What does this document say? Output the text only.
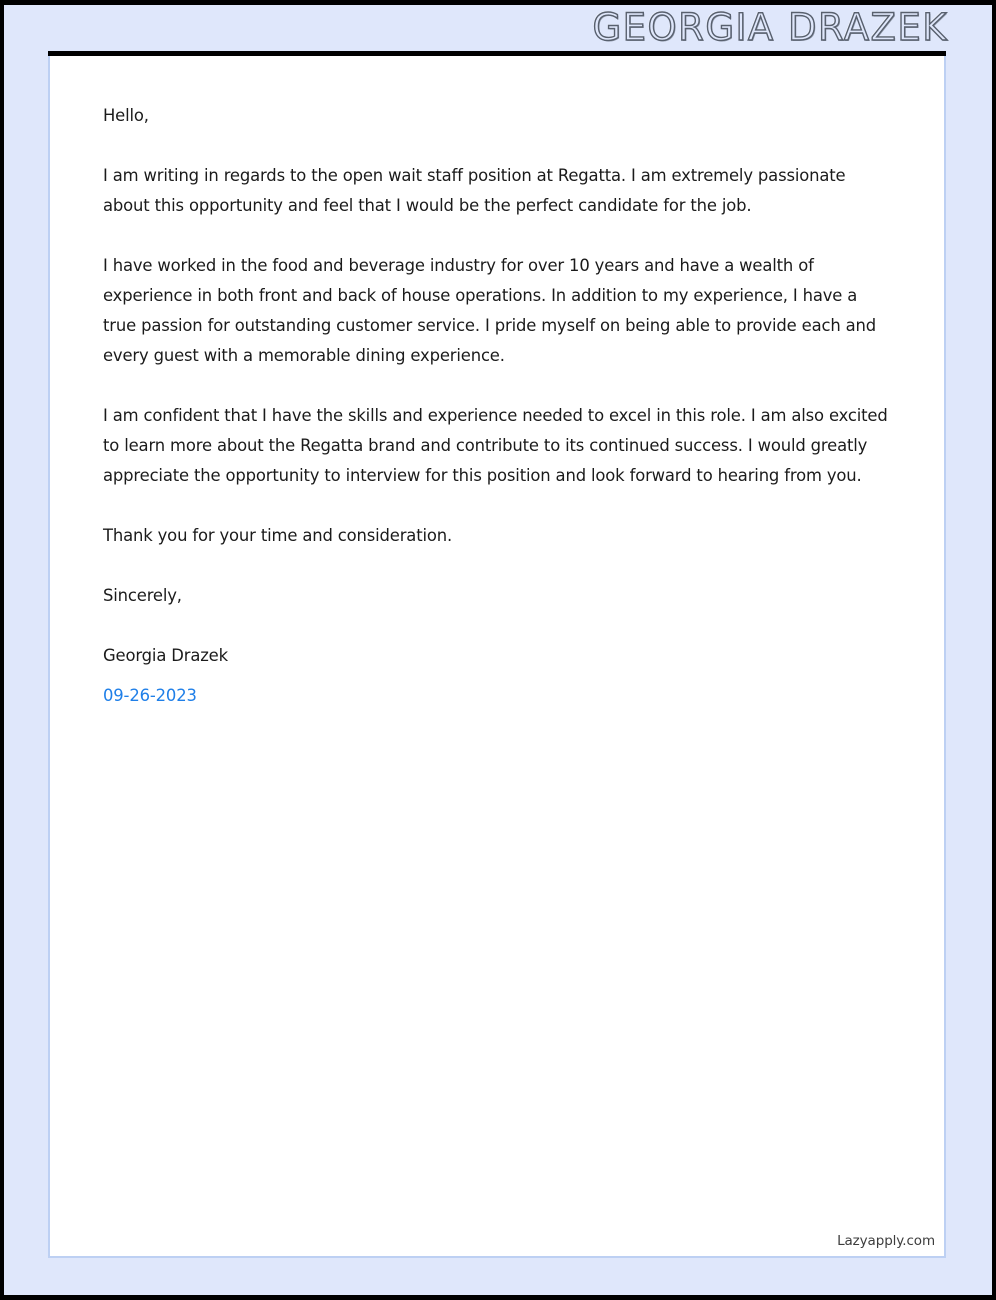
GEORGIA DRAZEK

Hello,

I am writing in regards to the open wait staff position at Regatta. I am extremely passionate about this opportunity and feel that I would be the perfect candidate for the job.

I have worked in the food and beverage industry for over 10 years and have a wealth of experience in both front and back of house operations. In addition to my experience, I have a true passion for outstanding customer service. I pride myself on being able to provide each and every guest with a memorable dining experience.

I am confident that I have the skills and experience needed to excel in this role. I am also excited to learn more about the Regatta brand and contribute to its continued success. I would greatly appreciate the opportunity to interview for this position and look forward to hearing from you.

Thank you for your time and consideration.

Sincerely,

Georgia Drazek

09-26-2023

Lazyapply.com
